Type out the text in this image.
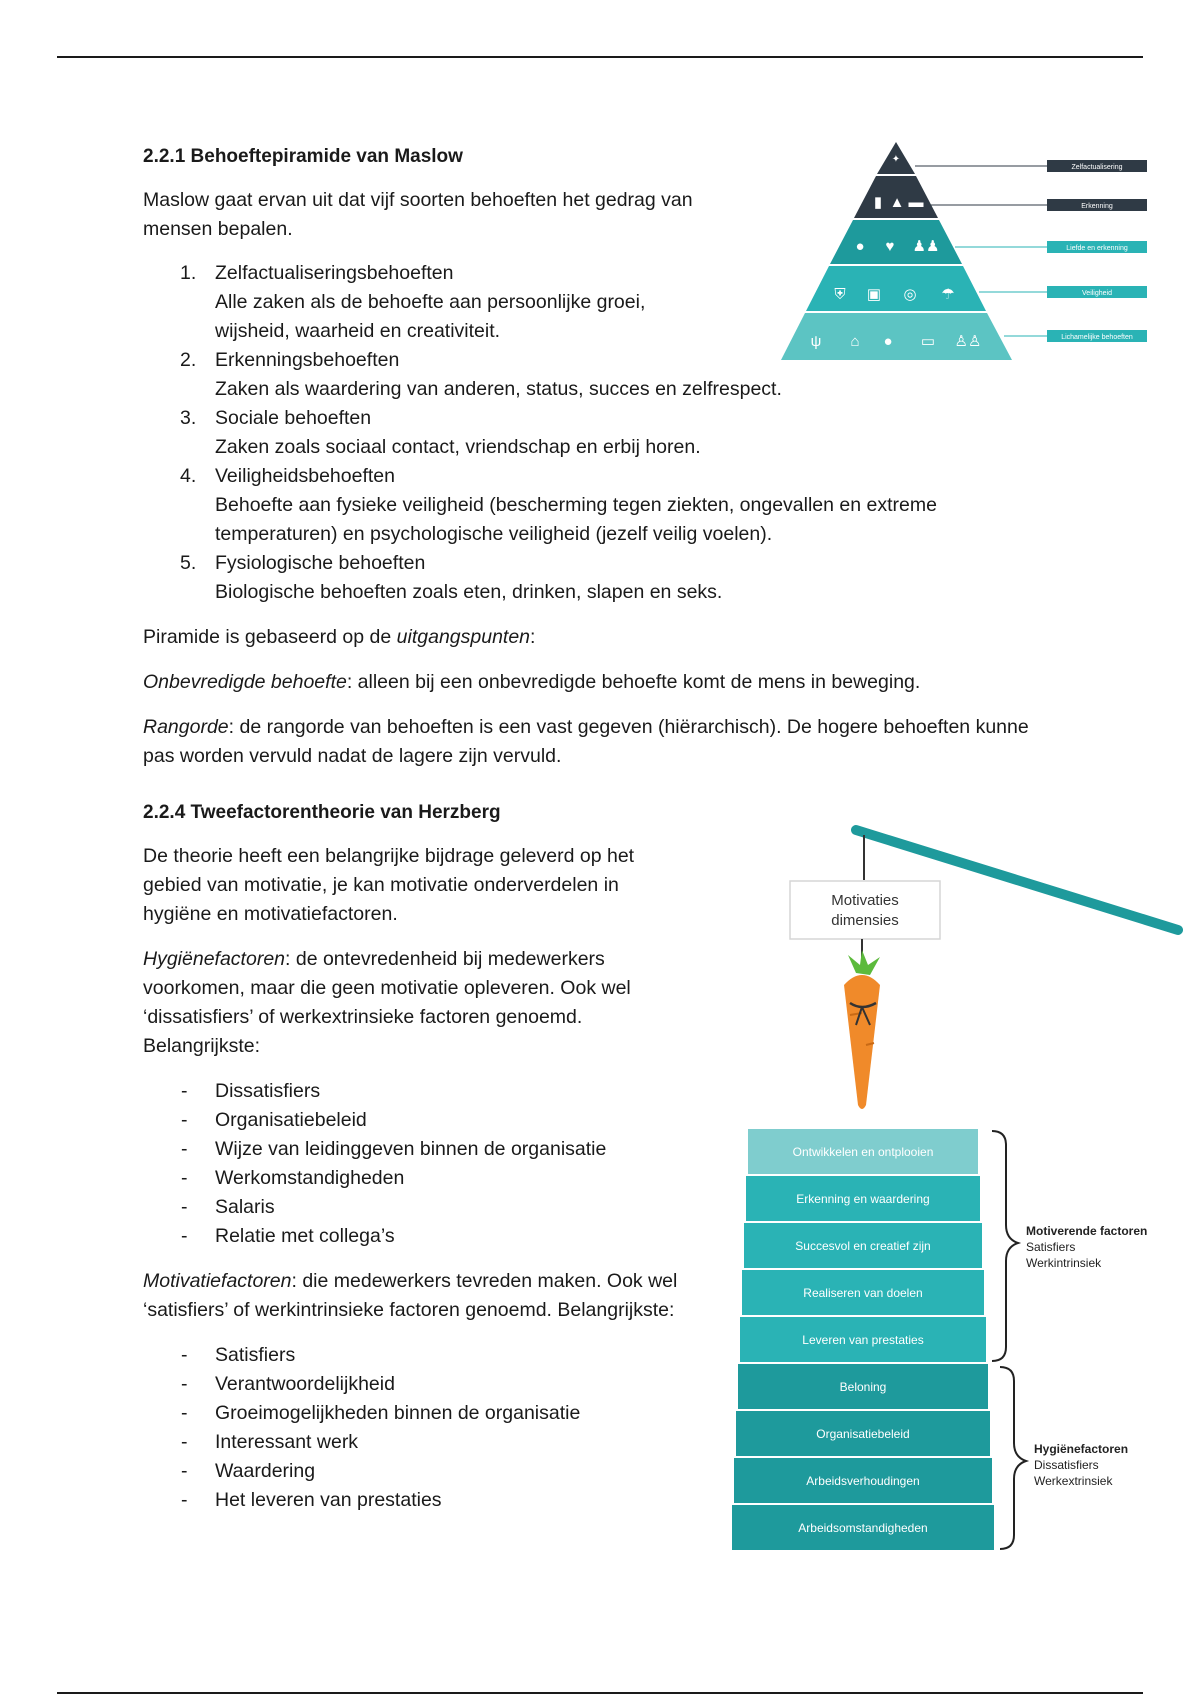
2.2.1 Behoeftepiramide van Maslow

Maslow gaat ervan uit dat vijf soorten behoeften het gedrag van mensen bepalen.

1. Zelfactualiseringsbehoeften
Alle zaken als de behoefte aan persoonlijke groei, wijsheid, waarheid en creativiteit.
2. Erkenningsbehoeften
Zaken als waardering van anderen, status, succes en zelfrespect.
3. Sociale behoeften
Zaken zoals sociaal contact, vriendschap en erbij horen.
4. Veiligheidsbehoeften
Behoefte aan fysieke veiligheid (bescherming tegen ziekten, ongevallen en extreme temperaturen) en psychologische veiligheid (jezelf veilig voelen).
5. Fysiologische behoeften
Biologische behoeften zoals eten, drinken, slapen en seks.

Piramide is gebaseerd op de uitgangspunten:

Onbevredigde behoefte: alleen bij een onbevredigde behoefte komt de mens in beweging.

Rangorde: de rangorde van behoeften is een vast gegeven (hiërarchisch). De hogere behoeften kunne pas worden vervuld nadat de lagere zijn vervuld.

2.2.4 Tweefactorentheorie van Herzberg

De theorie heeft een belangrijke bijdrage geleverd op het gebied van motivatie, je kan motivatie onderverdelen in hygiëne en motivatiefactoren.

Hygiënefactoren: de ontevredenheid bij medewerkers voorkomen, maar die geen motivatie opleveren. Ook wel ‘dissatisfiers’ of werkextrinsieke factoren genoemd. Belangrijkste:

-	Dissatisfiers
-	Organisatiebeleid
-	Wijze van leidinggeven binnen de organisatie
-	Werkomstandigheden
-	Salaris
-	Relatie met collega’s

Motivatiefactoren: die medewerkers tevreden maken. Ook wel ‘satisfiers’ of werkintrinsieke factoren genoemd. Belangrijkste:

-	Satisfiers
-	Verantwoordelijkheid
-	Groeimogelijkheden binnen de organisatie
-	Interessant werk
-	Waardering
-	Het leveren van prestaties
✦
▮ ▲ ▬
● ♥ ♟♟
⛨ ▣ ◎ ☂
ψ ⌂ ● ▭ ♙♙
Zelfactualisering
Erkenning
Liefde en erkenning
Veiligheid
Lichamelijke behoeften
Motivaties
dimensies
Ontwikkelen en ontplooien
Erkenning en waardering
Succesvol en creatief zijn
Realiseren van doelen
Leveren van prestaties
Beloning
Organisatiebeleid
Arbeidsverhoudingen
Arbeidsomstandigheden
Motiverende factoren
Satisfiers
Werkintrinsiek
Hygiënefactoren
Dissatisfiers
Werkextrinsiek
